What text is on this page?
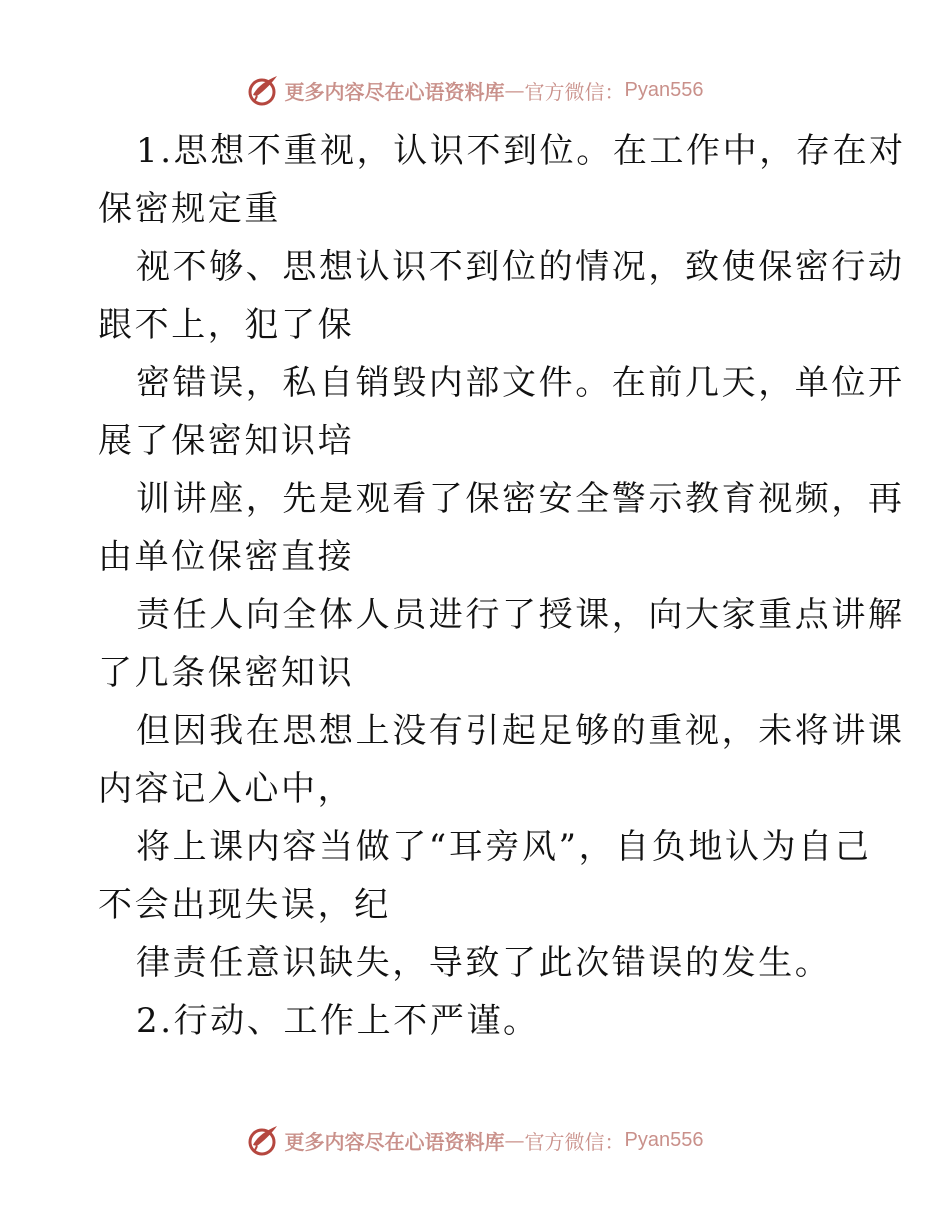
更多内容尽在心语资料库 — 官方微信： Pyan556
1.思想不重视，认识不到位。在工作中，存在对
保密规定重
视不够、思想认识不到位的情况，致使保密行动
跟不上，犯了保
密错误，私自销毁内部文件。在前几天，单位开
展了保密知识培
训讲座，先是观看了保密安全警示教育视频，再
由单位保密直接
责任人向全体人员进行了授课，向大家重点讲解
了几条保密知识
但因我在思想上没有引起足够的重视，未将讲课
内容记入心中，
将上课内容当做了“耳旁风”，自负地认为自己
不会出现失误，纪
律责任意识缺失，导致了此次错误的发生。
2.行动、工作上不严谨。
更多内容尽在心语资料库 — 官方微信： Pyan556
